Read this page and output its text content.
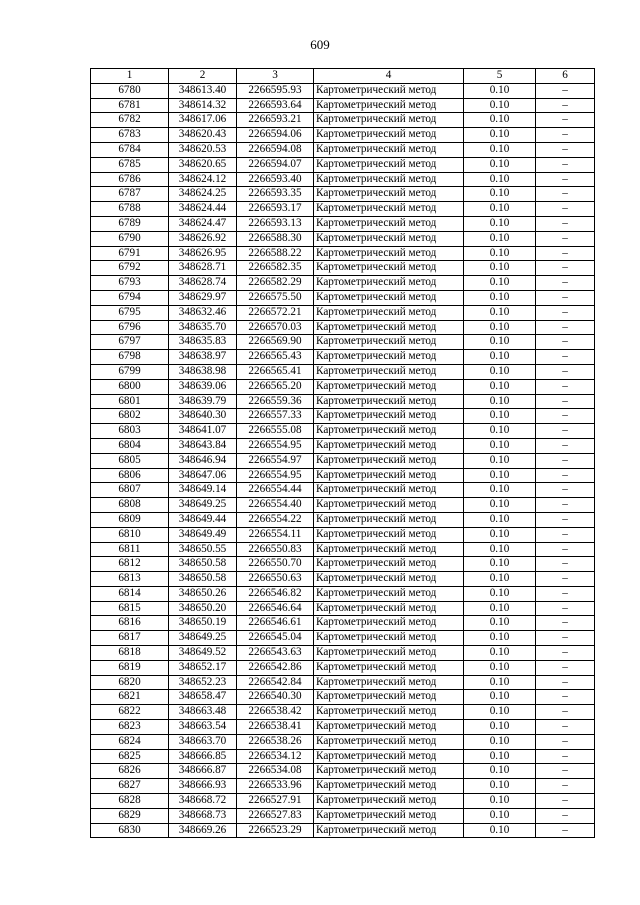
609
1	2	3	4	5	6
6780	348613.40	2266595.93	Картометрический метод	0.10	–
6781	348614.32	2266593.64	Картометрический метод	0.10	–
6782	348617.06	2266593.21	Картометрический метод	0.10	–
6783	348620.43	2266594.06	Картометрический метод	0.10	–
6784	348620.53	2266594.08	Картометрический метод	0.10	–
6785	348620.65	2266594.07	Картометрический метод	0.10	–
6786	348624.12	2266593.40	Картометрический метод	0.10	–
6787	348624.25	2266593.35	Картометрический метод	0.10	–
6788	348624.44	2266593.17	Картометрический метод	0.10	–
6789	348624.47	2266593.13	Картометрический метод	0.10	–
6790	348626.92	2266588.30	Картометрический метод	0.10	–
6791	348626.95	2266588.22	Картометрический метод	0.10	–
6792	348628.71	2266582.35	Картометрический метод	0.10	–
6793	348628.74	2266582.29	Картометрический метод	0.10	–
6794	348629.97	2266575.50	Картометрический метод	0.10	–
6795	348632.46	2266572.21	Картометрический метод	0.10	–
6796	348635.70	2266570.03	Картометрический метод	0.10	–
6797	348635.83	2266569.90	Картометрический метод	0.10	–
6798	348638.97	2266565.43	Картометрический метод	0.10	–
6799	348638.98	2266565.41	Картометрический метод	0.10	–
6800	348639.06	2266565.20	Картометрический метод	0.10	–
6801	348639.79	2266559.36	Картометрический метод	0.10	–
6802	348640.30	2266557.33	Картометрический метод	0.10	–
6803	348641.07	2266555.08	Картометрический метод	0.10	–
6804	348643.84	2266554.95	Картометрический метод	0.10	–
6805	348646.94	2266554.97	Картометрический метод	0.10	–
6806	348647.06	2266554.95	Картометрический метод	0.10	–
6807	348649.14	2266554.44	Картометрический метод	0.10	–
6808	348649.25	2266554.40	Картометрический метод	0.10	–
6809	348649.44	2266554.22	Картометрический метод	0.10	–
6810	348649.49	2266554.11	Картометрический метод	0.10	–
6811	348650.55	2266550.83	Картометрический метод	0.10	–
6812	348650.58	2266550.70	Картометрический метод	0.10	–
6813	348650.58	2266550.63	Картометрический метод	0.10	–
6814	348650.26	2266546.82	Картометрический метод	0.10	–
6815	348650.20	2266546.64	Картометрический метод	0.10	–
6816	348650.19	2266546.61	Картометрический метод	0.10	–
6817	348649.25	2266545.04	Картометрический метод	0.10	–
6818	348649.52	2266543.63	Картометрический метод	0.10	–
6819	348652.17	2266542.86	Картометрический метод	0.10	–
6820	348652.23	2266542.84	Картометрический метод	0.10	–
6821	348658.47	2266540.30	Картометрический метод	0.10	–
6822	348663.48	2266538.42	Картометрический метод	0.10	–
6823	348663.54	2266538.41	Картометрический метод	0.10	–
6824	348663.70	2266538.26	Картометрический метод	0.10	–
6825	348666.85	2266534.12	Картометрический метод	0.10	–
6826	348666.87	2266534.08	Картометрический метод	0.10	–
6827	348666.93	2266533.96	Картометрический метод	0.10	–
6828	348668.72	2266527.91	Картометрический метод	0.10	–
6829	348668.73	2266527.83	Картометрический метод	0.10	–
6830	348669.26	2266523.29	Картометрический метод	0.10	–
